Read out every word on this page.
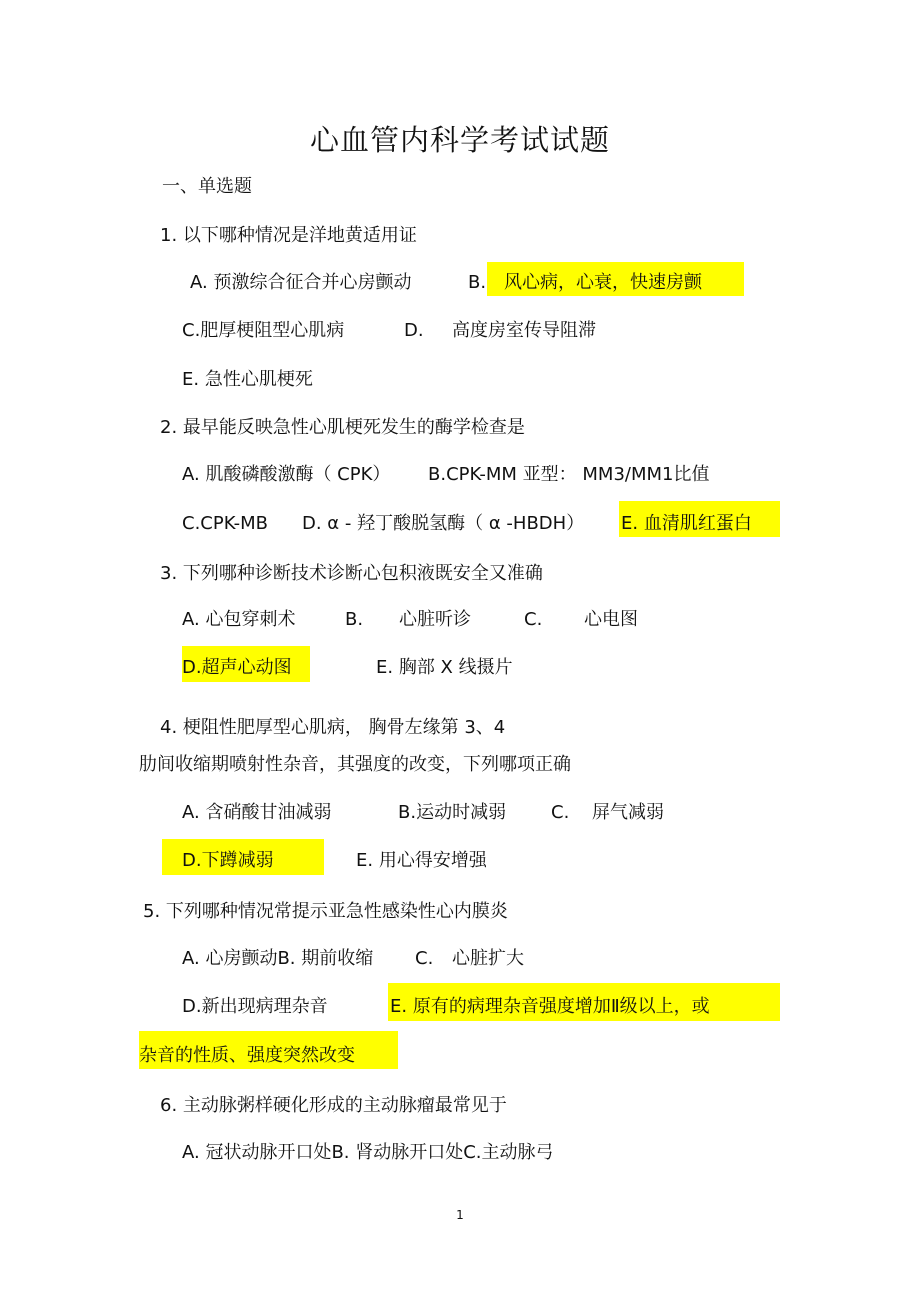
心血管内科学考试试题
一、单选题
1. 以下哪种情况是洋地黄适用证
A. 预激综合征合并心房颤动	B. 风心病，心衰，快速房颤
C.肥厚梗阻型心肌病	D. 高度房室传导阻滞
E. 急性心肌梗死
2. 最早能反映急性心肌梗死发生的酶学检查是
A. 肌酸磷酸激酶（ CPK） B.CPK-MM 亚型： MM3/MM1比值
C.CPK-MB D. α - 羟丁酸脱氢酶（ α -HBDH） E. 血清肌红蛋白
3. 下列哪种诊断技术诊断心包积液既安全又准确
A. 心包穿刺术	B. 心脏听诊	C. 心电图
D.超声心动图	E. 胸部 X 线摄片
4. 梗阻性肥厚型心肌病， 胸骨左缘第 3、4
肋间收缩期喷射性杂音，其强度的改变，下列哪项正确
A. 含硝酸甘油减弱	B.运动时减弱 C. 屏气减弱
D.下蹲减弱	E. 用心得安增强
5. 下列哪种情况常提示亚急性感染性心内膜炎
A. 心房颤动B. 期前收缩 C. 心脏扩大
D.新出现病理杂音	E. 原有的病理杂音强度增加Ⅱ级以上，或
杂音的性质、强度突然改变
6. 主动脉粥样硬化形成的主动脉瘤最常见于
A. 冠状动脉开口处B. 肾动脉开口处C.主动脉弓
1
